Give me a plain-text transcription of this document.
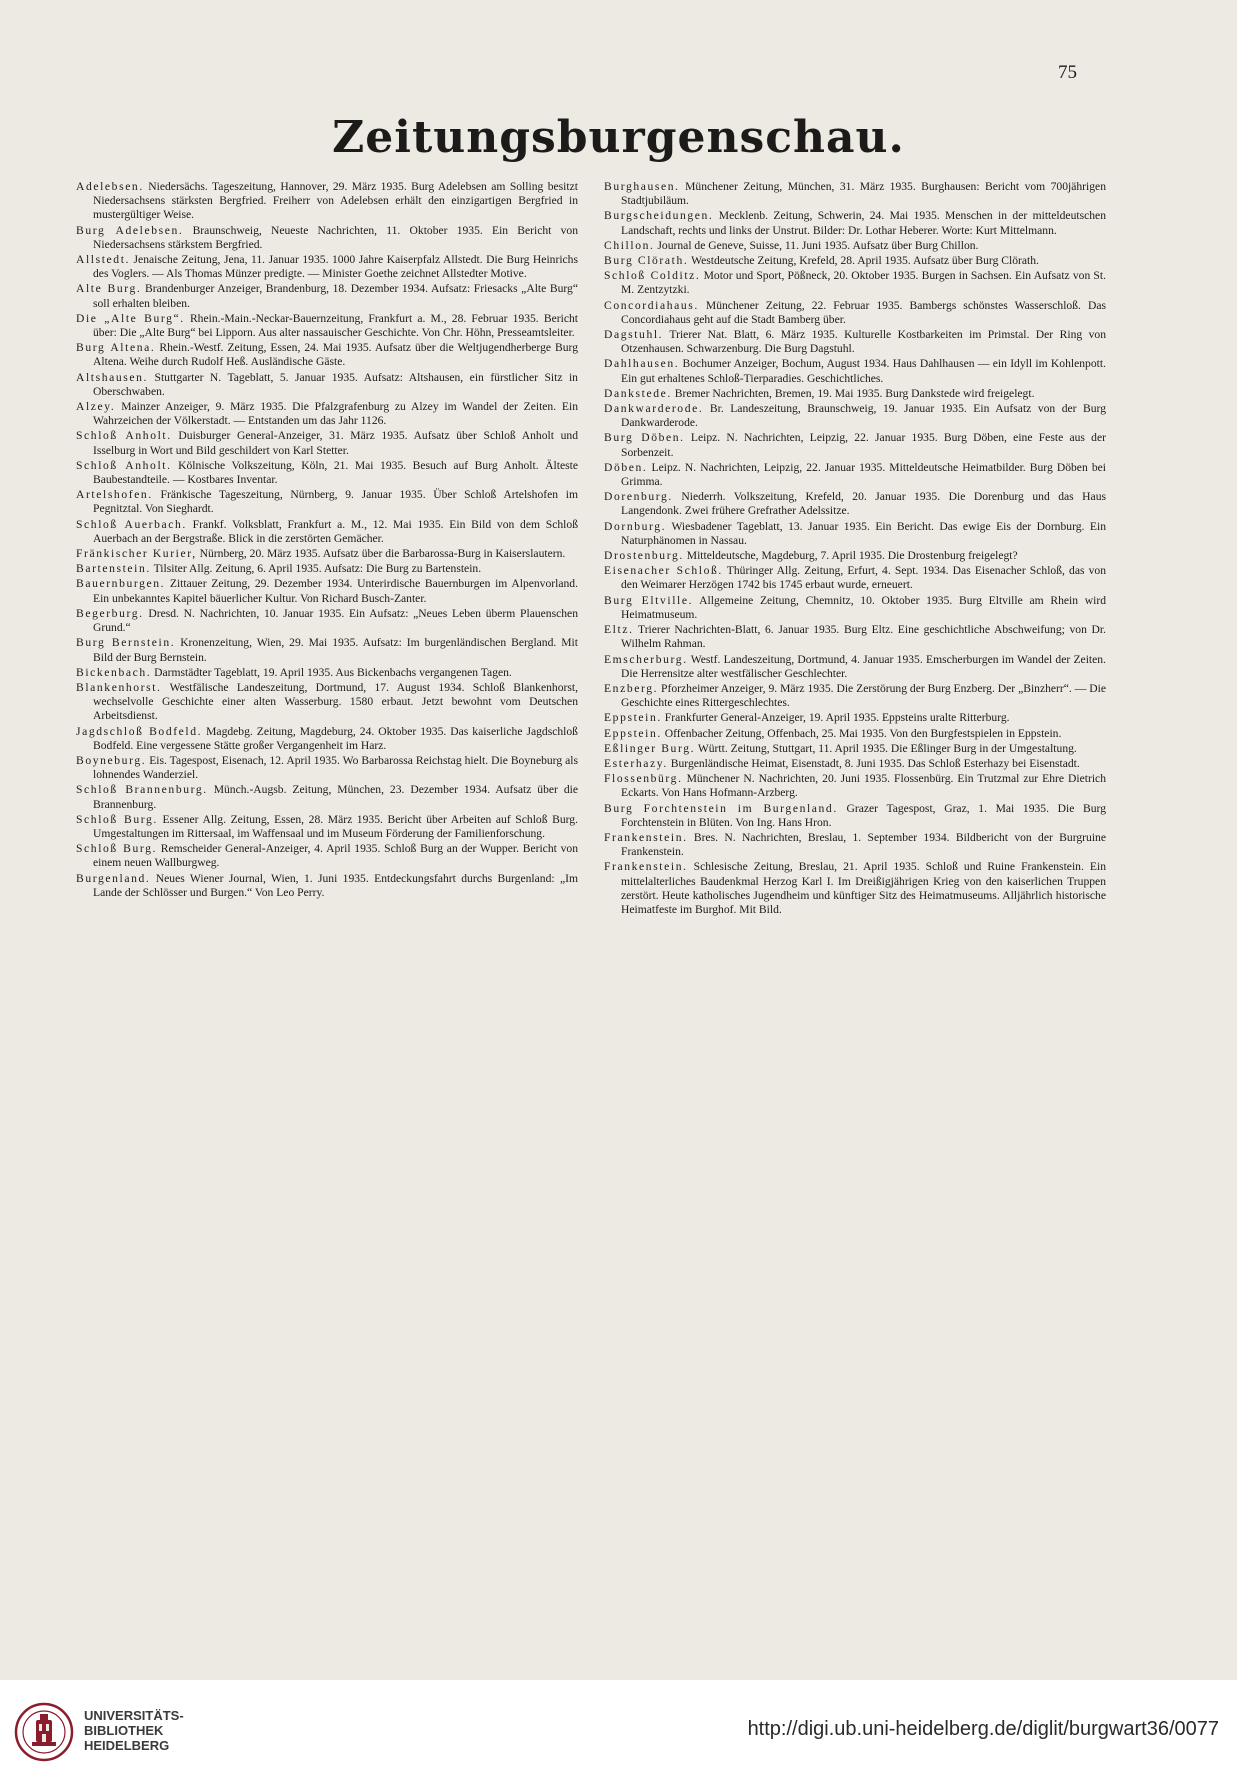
75
Zeitungsburgenschau.

Adelebsen. Niedersächs. Tageszeitung, Hannover, 29. März 1935. Burg Adelebsen am Solling besitzt Niedersachsens stärksten Bergfried. Freiherr von Adelebsen erhält den einzigartigen Bergfried in mustergültiger Weise.

Burg Adelebsen. Braunschweig, Neueste Nachrichten, 11. Oktober 1935. Ein Bericht von Niedersachsens stärkstem Bergfried.

Allstedt. Jenaische Zeitung, Jena, 11. Januar 1935. 1000 Jahre Kaiserpfalz Allstedt. Die Burg Heinrichs des Voglers. — Als Thomas Münzer predigte. — Minister Goethe zeichnet Allstedter Motive.

Alte Burg. Brandenburger Anzeiger, Brandenburg, 18. Dezember 1934. Aufsatz: Friesacks „Alte Burg“ soll erhalten bleiben.

Die „Alte Burg“. Rhein.-Main.-Neckar-Bauernzeitung, Frankfurt a. M., 28. Februar 1935. Bericht über: Die „Alte Burg“ bei Lipporn. Aus alter nassauischer Geschichte. Von Chr. Höhn, Presseamtsleiter.

Burg Altena. Rhein.-Westf. Zeitung, Essen, 24. Mai 1935. Aufsatz über die Weltjugendherberge Burg Altena. Weihe durch Rudolf Heß. Ausländische Gäste.

Altshausen. Stuttgarter N. Tageblatt, 5. Januar 1935. Aufsatz: Altshausen, ein fürstlicher Sitz in Oberschwaben.

Alzey. Mainzer Anzeiger, 9. März 1935. Die Pfalzgrafenburg zu Alzey im Wandel der Zeiten. Ein Wahrzeichen der Völkerstadt. — Entstanden um das Jahr 1126.

Schloß Anholt. Duisburger General-Anzeiger, 31. März 1935. Aufsatz über Schloß Anholt und Isselburg in Wort und Bild geschildert von Karl Stetter.

Schloß Anholt. Kölnische Volkszeitung, Köln, 21. Mai 1935. Besuch auf Burg Anholt. Älteste Baubestandteile. — Kostbares Inventar.

Artelshofen. Fränkische Tageszeitung, Nürnberg, 9. Januar 1935. Über Schloß Artelshofen im Pegnitztal. Von Sieghardt.

Schloß Auerbach. Frankf. Volksblatt, Frankfurt a. M., 12. Mai 1935. Ein Bild von dem Schloß Auerbach an der Bergstraße. Blick in die zerstörten Gemächer.

Fränkischer Kurier, Nürnberg, 20. März 1935. Aufsatz über die Barbarossa-Burg in Kaiserslautern.

Bartenstein. Tilsiter Allg. Zeitung, 6. April 1935. Aufsatz: Die Burg zu Bartenstein.

Bauernburgen. Zittauer Zeitung, 29. Dezember 1934. Unterirdische Bauernburgen im Alpenvorland. Ein unbekanntes Kapitel bäuerlicher Kultur. Von Richard Busch-Zanter.

Begerburg. Dresd. N. Nachrichten, 10. Januar 1935. Ein Aufsatz: „Neues Leben überm Plauenschen Grund.“

Burg Bernstein. Kronenzeitung, Wien, 29. Mai 1935. Aufsatz: Im burgenländischen Bergland. Mit Bild der Burg Bernstein.

Bickenbach. Darmstädter Tageblatt, 19. April 1935. Aus Bickenbachs vergangenen Tagen.

Blankenhorst. Westfälische Landeszeitung, Dortmund, 17. August 1934. Schloß Blankenhorst, wechselvolle Geschichte einer alten Wasserburg. 1580 erbaut. Jetzt bewohnt vom Deutschen Arbeitsdienst.

Jagdschloß Bodfeld. Magdebg. Zeitung, Magdeburg, 24. Oktober 1935. Das kaiserliche Jagdschloß Bodfeld. Eine vergessene Stätte großer Vergangenheit im Harz.

Boyneburg. Eis. Tagespost, Eisenach, 12. April 1935. Wo Barbarossa Reichstag hielt. Die Boyneburg als lohnendes Wanderziel.

Schloß Brannenburg. Münch.-Augsb. Zeitung, München, 23. Dezember 1934. Aufsatz über die Brannenburg.

Schloß Burg. Essener Allg. Zeitung, Essen, 28. März 1935. Bericht über Arbeiten auf Schloß Burg. Umgestaltungen im Rittersaal, im Waffensaal und im Museum Förderung der Familienforschung.

Schloß Burg. Remscheider General-Anzeiger, 4. April 1935. Schloß Burg an der Wupper. Bericht von einem neuen Wallburgweg.

Burgenland. Neues Wiener Journal, Wien, 1. Juni 1935. Entdeckungsfahrt durchs Burgenland: „Im Lande der Schlösser und Burgen.“ Von Leo Perry.

Burghausen. Münchener Zeitung, München, 31. März 1935. Burghausen: Bericht vom 700jährigen Stadtjubiläum.

Burgscheidungen. Mecklenb. Zeitung, Schwerin, 24. Mai 1935. Menschen in der mitteldeutschen Landschaft, rechts und links der Unstrut. Bilder: Dr. Lothar Heberer. Worte: Kurt Mittelmann.

Chillon. Journal de Geneve, Suisse, 11. Juni 1935. Aufsatz über Burg Chillon.

Burg Clörath. Westdeutsche Zeitung, Krefeld, 28. April 1935. Aufsatz über Burg Clörath.

Schloß Colditz. Motor und Sport, Pößneck, 20. Oktober 1935. Burgen in Sachsen. Ein Aufsatz von St. M. Zentzytzki.

Concordiahaus. Münchener Zeitung, 22. Februar 1935. Bambergs schönstes Wasserschloß. Das Concordiahaus geht auf die Stadt Bamberg über.

Dagstuhl. Trierer Nat. Blatt, 6. März 1935. Kulturelle Kostbarkeiten im Primstal. Der Ring von Otzenhausen. Schwarzenburg. Die Burg Dagstuhl.

Dahlhausen. Bochumer Anzeiger, Bochum, August 1934. Haus Dahlhausen — ein Idyll im Kohlenpott. Ein gut erhaltenes Schloß-Tierparadies. Geschichtliches.

Dankstede. Bremer Nachrichten, Bremen, 19. Mai 1935. Burg Dankstede wird freigelegt.

Dankwarderode. Br. Landeszeitung, Braunschweig, 19. Januar 1935. Ein Aufsatz von der Burg Dankwarderode.

Burg Döben. Leipz. N. Nachrichten, Leipzig, 22. Januar 1935. Burg Döben, eine Feste aus der Sorbenzeit.

Döben. Leipz. N. Nachrichten, Leipzig, 22. Januar 1935. Mitteldeutsche Heimatbilder. Burg Döben bei Grimma.

Dorenburg. Niederrh. Volkszeitung, Krefeld, 20. Januar 1935. Die Dorenburg und das Haus Langendonk. Zwei frühere Grefrather Adelssitze.

Dornburg. Wiesbadener Tageblatt, 13. Januar 1935. Ein Bericht. Das ewige Eis der Dornburg. Ein Naturphänomen in Nassau.

Drostenburg. Mitteldeutsche, Magdeburg, 7. April 1935. Die Drostenburg freigelegt?

Eisenacher Schloß. Thüringer Allg. Zeitung, Erfurt, 4. Sept. 1934. Das Eisenacher Schloß, das von den Weimarer Herzögen 1742 bis 1745 erbaut wurde, erneuert.

Burg Eltville. Allgemeine Zeitung, Chemnitz, 10. Oktober 1935. Burg Eltville am Rhein wird Heimatmuseum.

Eltz. Trierer Nachrichten-Blatt, 6. Januar 1935. Burg Eltz. Eine geschichtliche Abschweifung; von Dr. Wilhelm Rahman.

Emscherburg. Westf. Landeszeitung, Dortmund, 4. Januar 1935. Emscherburgen im Wandel der Zeiten. Die Herrensitze alter westfälischer Geschlechter.

Enzberg. Pforzheimer Anzeiger, 9. März 1935. Die Zerstörung der Burg Enzberg. Der „Binzherr“. — Die Geschichte eines Rittergeschlechtes.

Eppstein. Frankfurter General-Anzeiger, 19. April 1935. Eppsteins uralte Ritterburg.

Eppstein. Offenbacher Zeitung, Offenbach, 25. Mai 1935. Von den Burgfestspielen in Eppstein.

Eßlinger Burg. Württ. Zeitung, Stuttgart, 11. April 1935. Die Eßlinger Burg in der Umgestaltung.

Esterhazy. Burgenländische Heimat, Eisenstadt, 8. Juni 1935. Das Schloß Esterhazy bei Eisenstadt.

Flossenbürg. Münchener N. Nachrichten, 20. Juni 1935. Flossenbürg. Ein Trutzmal zur Ehre Dietrich Eckarts. Von Hans Hofmann-Arzberg.

Burg Forchtenstein im Burgenland. Grazer Tagespost, Graz, 1. Mai 1935. Die Burg Forchtenstein in Blüten. Von Ing. Hans Hron.

Frankenstein. Bres. N. Nachrichten, Breslau, 1. September 1934. Bildbericht von der Burgruine Frankenstein.

Frankenstein. Schlesische Zeitung, Breslau, 21. April 1935. Schloß und Ruine Frankenstein. Ein mittelalterliches Baudenkmal Herzog Karl I. Im Dreißigjährigen Krieg von den kaiserlichen Truppen zerstört. Heute katholisches Jugendheim und künftiger Sitz des Heimatmuseums. Alljährlich historische Heimatfeste im Burghof. Mit Bild.

UNIVERSITÄTS-
BIBLIOTHEK
HEIDELBERG
http://digi.ub.uni-heidelberg.de/diglit/burgwart36/0077
